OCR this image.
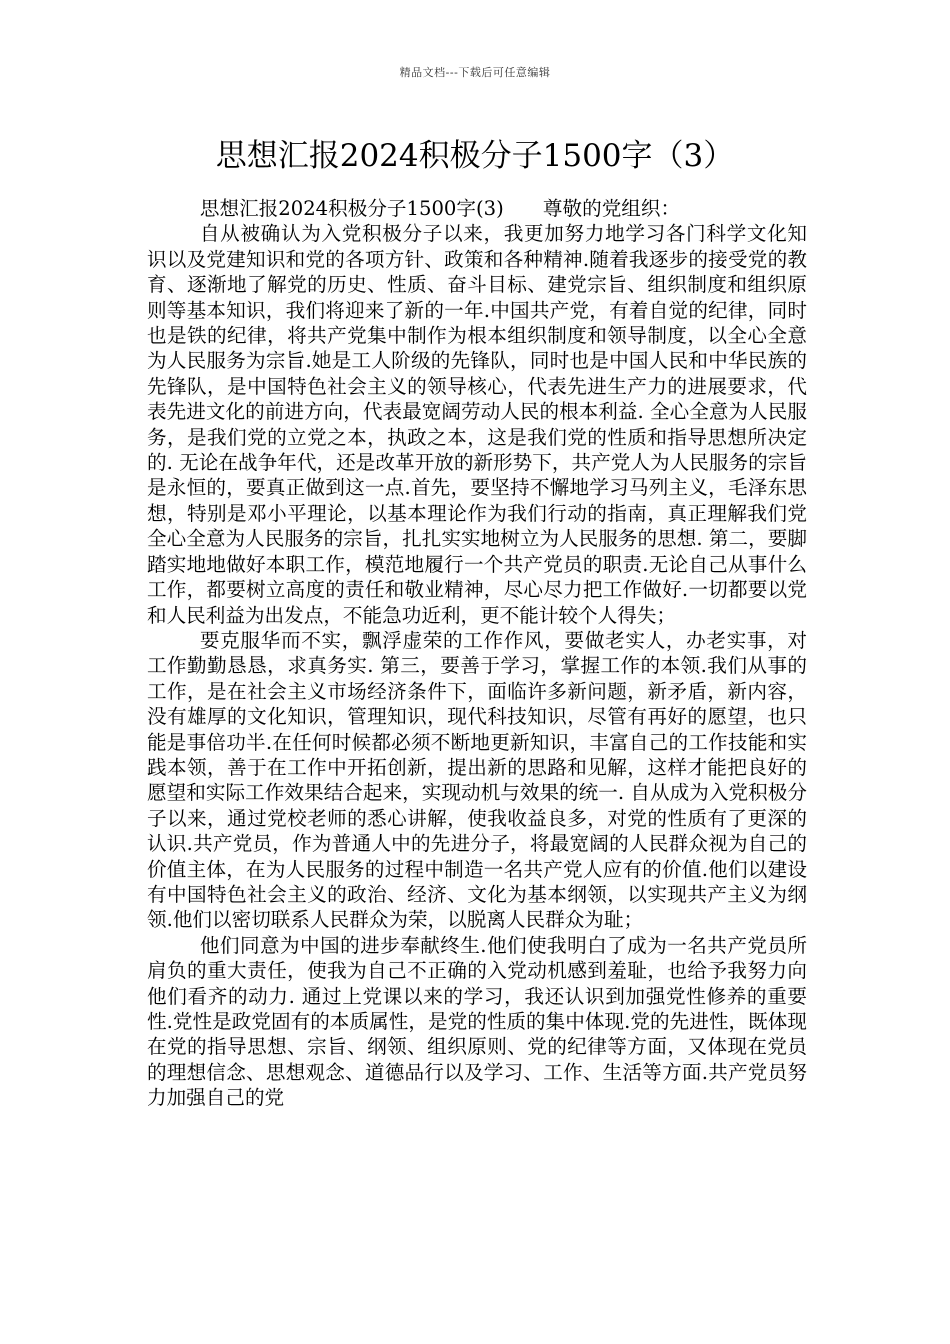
精品文档---下载后可任意编辑
思想汇报2024积极分子1500字（3）

思想汇报2024积极分子1500字(3)　　尊敬的党组织：

自从被确认为入党积极分子以来，我更加努力地学习各门科学文化知识以及党建知识和党的各项方针、政策和各种精神.随着我逐步的接受党的教育、逐渐地了解党的历史、性质、奋斗目标、建党宗旨、组织制度和组织原则等基本知识，我们将迎来了新的一年.中国共产党，有着自觉的纪律，同时也是铁的纪律，将共产党集中制作为根本组织制度和领导制度，以全心全意为人民服务为宗旨.她是工人阶级的先锋队，同时也是中国人民和中华民族的先锋队，是中国特色社会主义的领导核心，代表先进生产力的进展要求，代表先进文化的前进方向，代表最宽阔劳动人民的根本利益. 全心全意为人民服务，是我们党的立党之本，执政之本，这是我们党的性质和指导思想所决定的. 无论在战争年代，还是改革开放的新形势下，共产党人为人民服务的宗旨是永恒的，要真正做到这一点.首先，要坚持不懈地学习马列主义，毛泽东思想，特别是邓小平理论，以基本理论作为我们行动的指南，真正理解我们党全心全意为人民服务的宗旨，扎扎实实地树立为人民服务的思想. 第二，要脚踏实地地做好本职工作，模范地履行一个共产党员的职责.无论自己从事什么工作，都要树立高度的责任和敬业精神，尽心尽力把工作做好.一切都要以党和人民利益为出发点，不能急功近利，更不能计较个人得失；

要克服华而不实，飘浮虚荣的工作作风，要做老实人，办老实事，对工作勤勤恳恳，求真务实. 第三，要善于学习，掌握工作的本领.我们从事的工作，是在社会主义市场经济条件下，面临许多新问题，新矛盾，新内容，没有雄厚的文化知识，管理知识，现代科技知识，尽管有再好的愿望，也只能是事倍功半.在任何时候都必须不断地更新知识，丰富自己的工作技能和实践本领，善于在工作中开拓创新，提出新的思路和见解，这样才能把良好的愿望和实际工作效果结合起来，实现动机与效果的统一. 自从成为入党积极分子以来，通过党校老师的悉心讲解，使我收益良多，对党的性质有了更深的认识.共产党员，作为普通人中的先进分子，将最宽阔的人民群众视为自己的价值主体，在为人民服务的过程中制造一名共产党人应有的价值.他们以建设有中国特色社会主义的政治、经济、文化为基本纲领，以实现共产主义为纲领.他们以密切联系人民群众为荣，以脱离人民群众为耻；

他们同意为中国的进步奉献终生.他们使我明白了成为一名共产党员所肩负的重大责任，使我为自己不正确的入党动机感到羞耻，也给予我努力向他们看齐的动力. 通过上党课以来的学习，我还认识到加强党性修养的重要性.党性是政党固有的本质属性，是党的性质的集中体现.党的先进性，既体现在党的指导思想、宗旨、纲领、组织原则、党的纪律等方面，又体现在党员的理想信念、思想观念、道德品行以及学习、工作、生活等方面.共产党员努力加强自己的党
